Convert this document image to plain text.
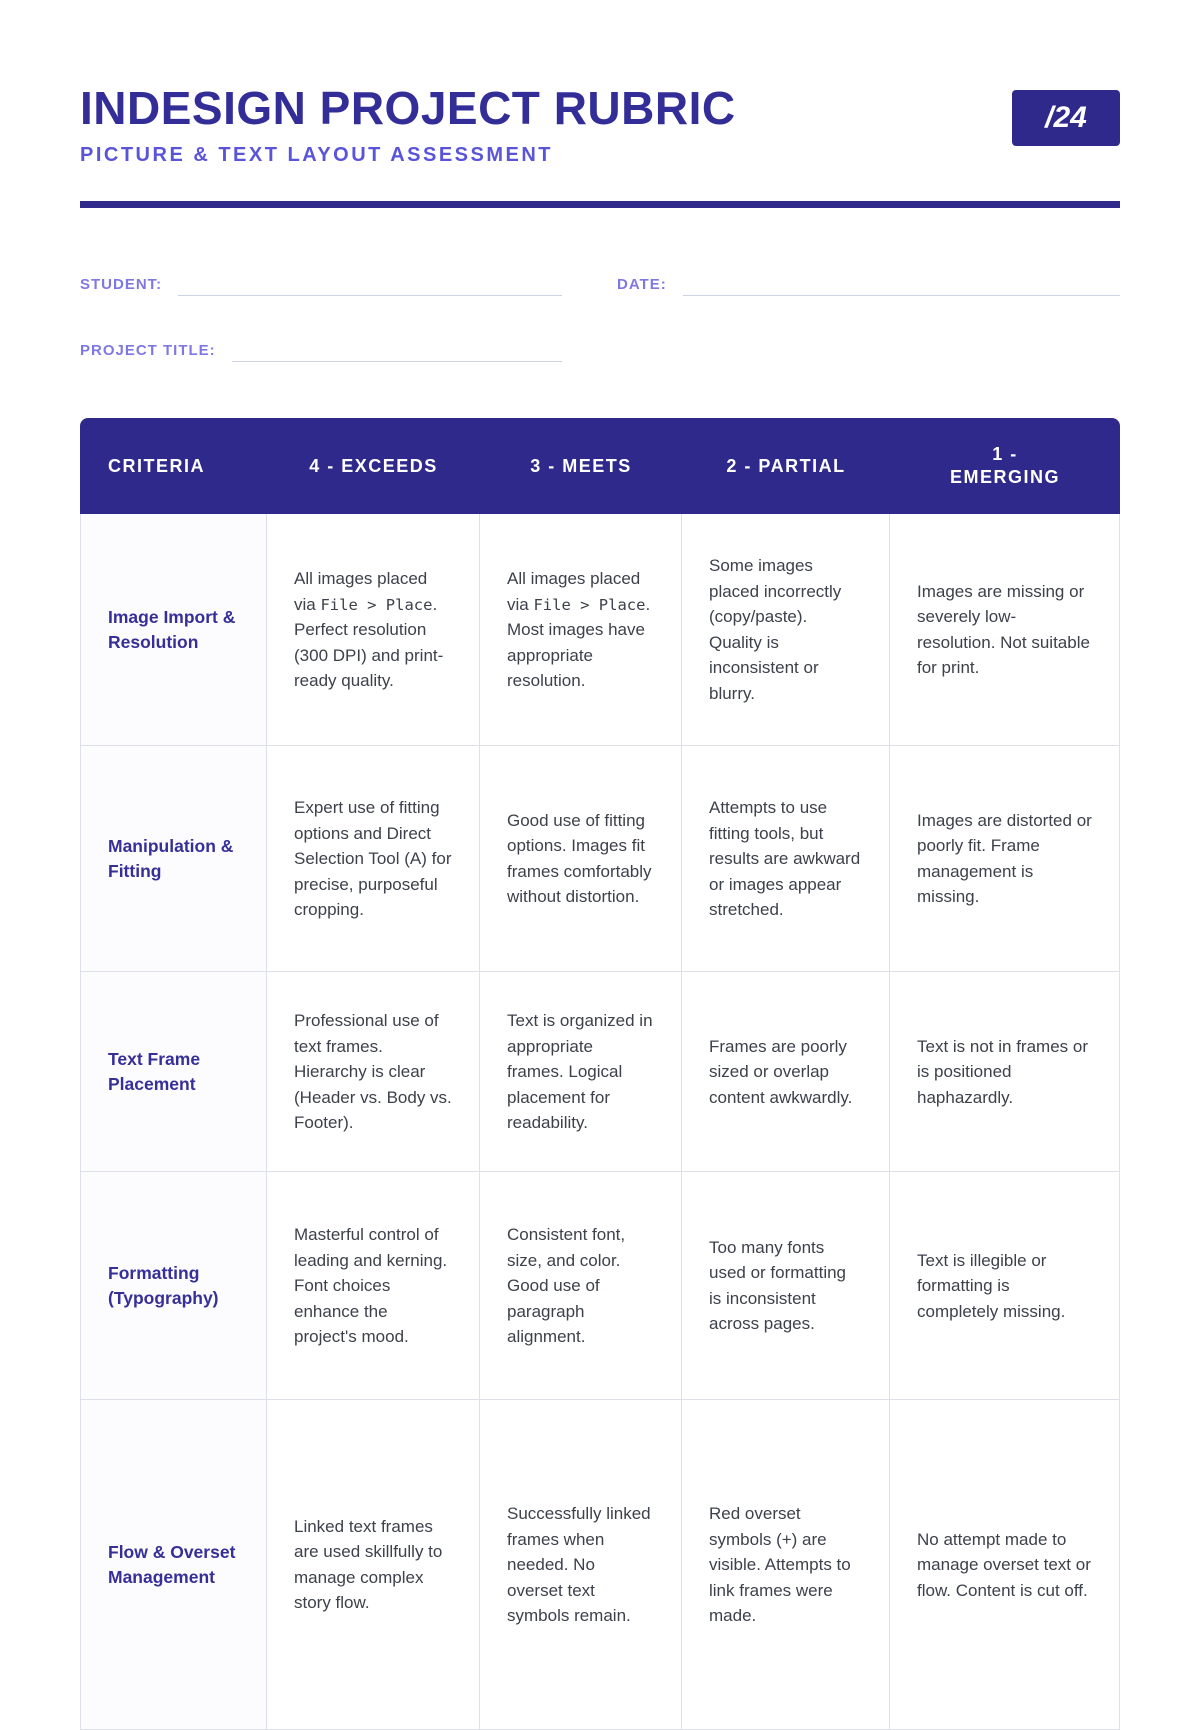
INDESIGN PROJECT RUBRIC
PICTURE & TEXT LAYOUT ASSESSMENT
/24
STUDENT:	DATE:
PROJECT TITLE:
CRITERIA	4 - EXCEEDS	3 - MEETS	2 - PARTIAL	1 - EMERGING

Image Import & Resolution	All images placed via File > Place. Perfect resolution (300 DPI) and print-ready quality.	All images placed via File > Place. Most images have appropriate resolution.	Some images placed incorrectly (copy/paste). Quality is inconsistent or blurry.	Images are missing or severely low-resolution. Not suitable for print.
Manipulation & Fitting	Expert use of fitting options and Direct Selection Tool (A) for precise, purposeful cropping.	Good use of fitting options. Images fit frames comfortably without distortion.	Attempts to use fitting tools, but results are awkward or images appear stretched.	Images are distorted or poorly fit. Frame management is missing.
Text Frame Placement	Professional use of text frames. Hierarchy is clear (Header vs. Body vs. Footer).	Text is organized in appropriate frames. Logical placement for readability.	Frames are poorly sized or overlap content awkwardly.	Text is not in frames or is positioned haphazardly.
Formatting (Typography)	Masterful control of leading and kerning. Font choices enhance the project's mood.	Consistent font, size, and color. Good use of paragraph alignment.	Too many fonts used or formatting is inconsistent across pages.	Text is illegible or formatting is completely missing.
Flow & Overset Management	Linked text frames are used skillfully to manage complex story flow.	Successfully linked frames when needed. No overset text symbols remain.	Red overset symbols (+) are visible. Attempts to link frames were made.	No attempt made to manage overset text or flow. Content is cut off.
